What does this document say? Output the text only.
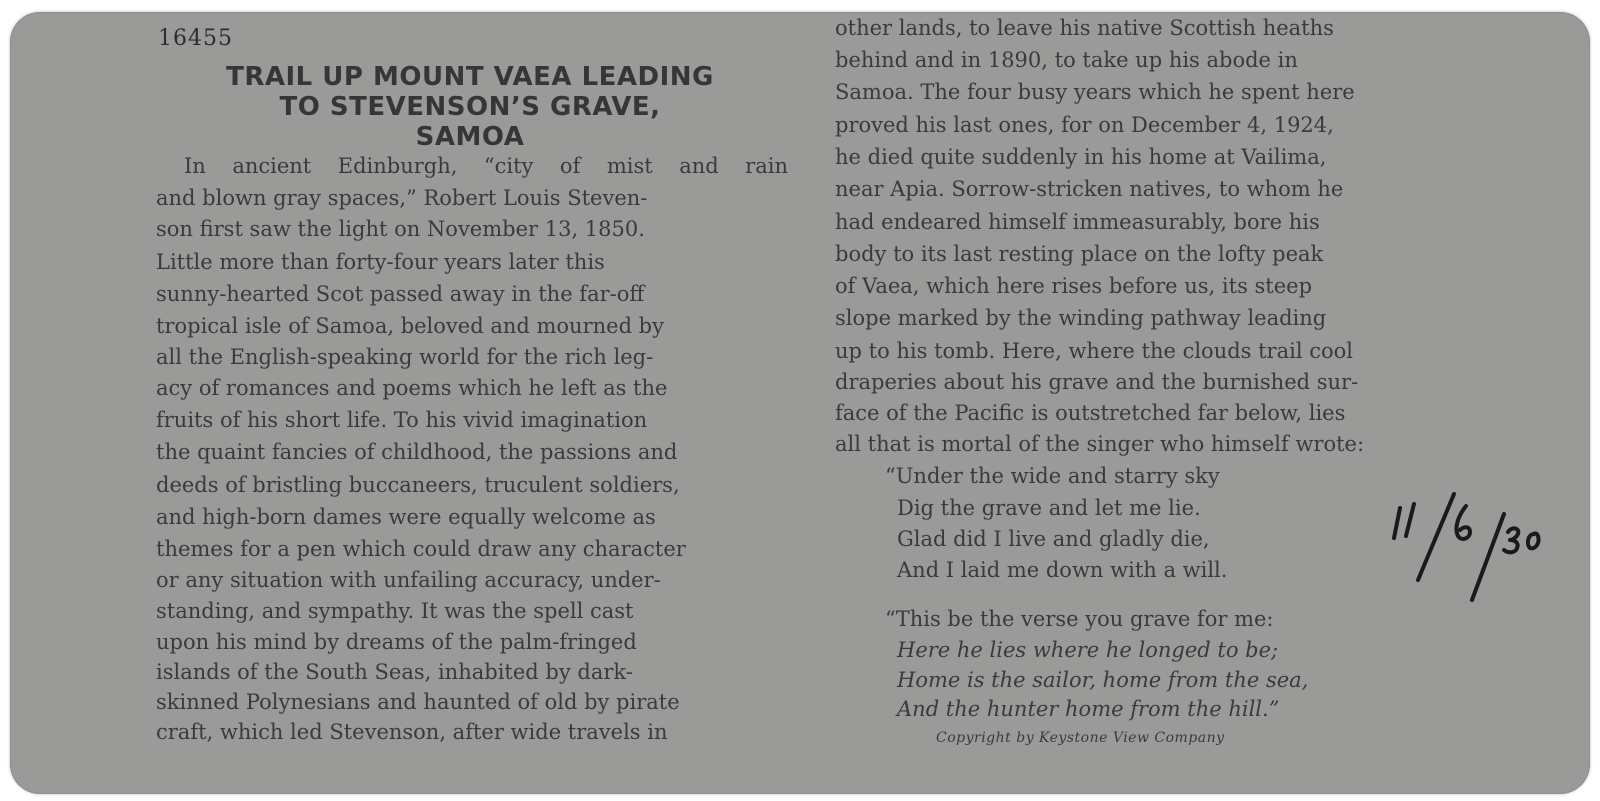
16455
TRAIL UP MOUNT VAEA LEADING
TO STEVENSON’S GRAVE,
SAMOA
In ancient Edinburgh, “city of mist and rain
and blown gray spaces,” Robert Louis Steven-
son first saw the light on November 13, 1850.
Little more than forty-four years later this
sunny-hearted Scot passed away in the far-off
tropical isle of Samoa, beloved and mourned by
all the English-speaking world for the rich leg-
acy of romances and poems which he left as the
fruits of his short life. To his vivid imagination
the quaint fancies of childhood, the passions and
deeds of bristling buccaneers, truculent soldiers,
and high-born dames were equally welcome as
themes for a pen which could draw any character
or any situation with unfailing accuracy, under-
standing, and sympathy. It was the spell cast
upon his mind by dreams of the palm-fringed
islands of the South Seas, inhabited by dark-
skinned Polynesians and haunted of old by pirate
craft, which led Stevenson, after wide travels in
other lands, to leave his native Scottish heaths
behind and in 1890, to take up his abode in
Samoa. The four busy years which he spent here
proved his last ones, for on December 4, 1924,
he died quite suddenly in his home at Vailima,
near Apia. Sorrow-stricken natives, to whom he
had endeared himself immeasurably, bore his
body to its last resting place on the lofty peak
of Vaea, which here rises before us, its steep
slope marked by the winding pathway leading
up to his tomb. Here, where the clouds trail cool
draperies about his grave and the burnished sur-
face of the Pacific is outstretched far below, lies
all that is mortal of the singer who himself wrote:
“Under the wide and starry sky
Dig the grave and let me lie.
Glad did I live and gladly die,
And I laid me down with a will.
“This be the verse you grave for me:
Here he lies where he longed to be;
Home is the sailor, home from the sea,
And the hunter home from the hill.”
Copyright by Keystone View Company
